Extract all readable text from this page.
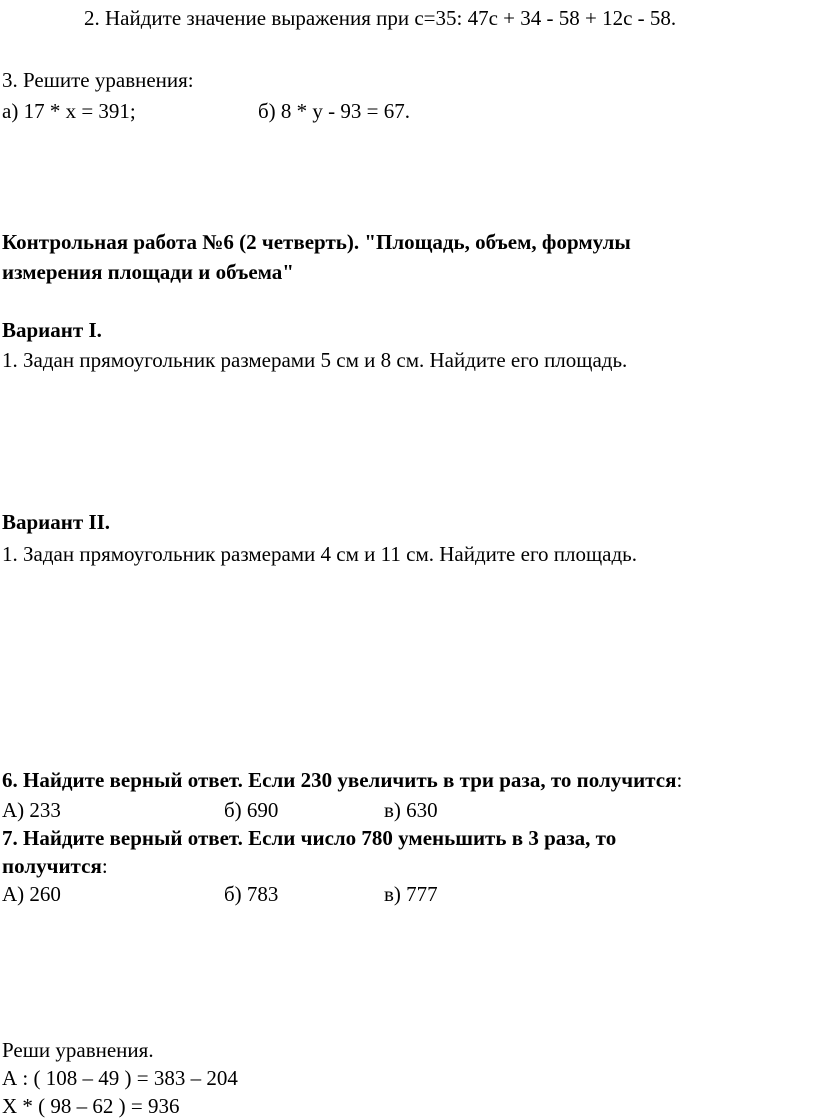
2. Найдите значение выражения при с=35: 47с + 34 - 58 + 12с - 58.
3. Решите уравнения:
а) 17 * х = 391;	б) 8 * у - 93 = 67.
Контрольная работа №6 (2 четверть). "Площадь, объем, формулы
измерения площади и объема"
Вариант I.
1. Задан прямоугольник размерами 5 см и 8 см. Найдите его площадь.
Вариант II.
1. Задан прямоугольник размерами 4 см и 11 см. Найдите его площадь.
6. Найдите верный ответ. Если 230 увеличить в три раза, то получится:
А) 233	б) 690	в) 630
7. Найдите верный ответ. Если число 780 уменьшить в 3 раза, то
получится:
А) 260	б) 783	в) 777
Реши уравнения.
А : ( 108 – 49 ) = 383 – 204
Х * ( 98 – 62 ) = 936
